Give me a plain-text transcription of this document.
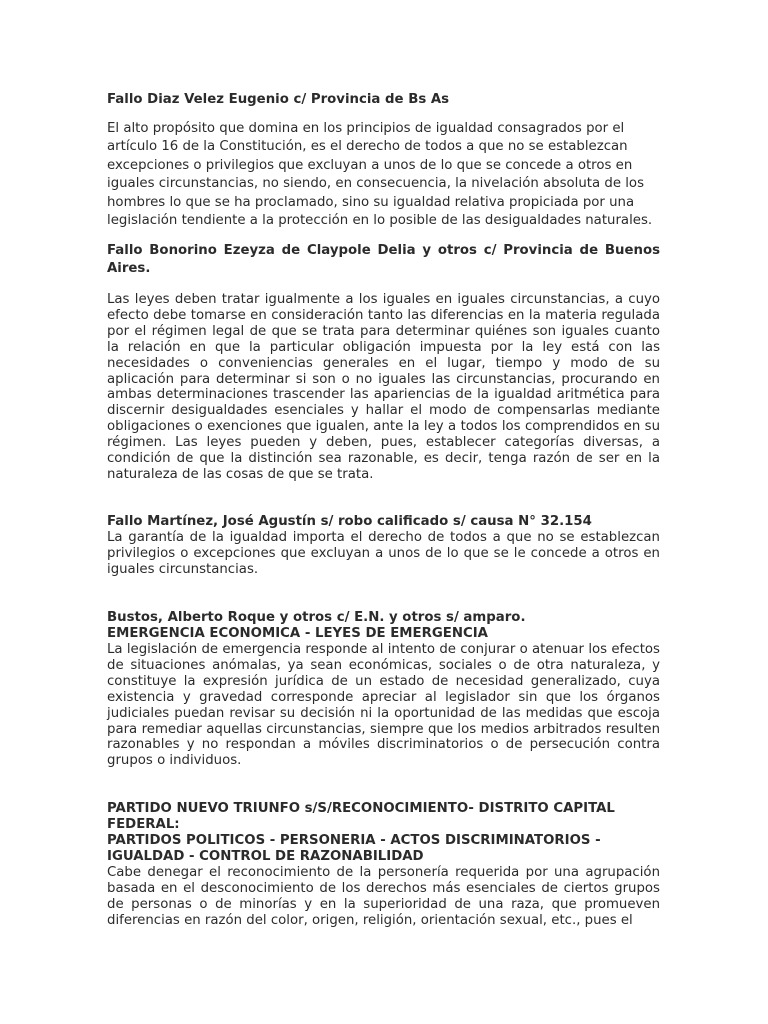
Fallo Diaz Velez Eugenio c/ Provincia de Bs As

El alto propósito que domina en los principios de igualdad consagrados por el artículo 16 de la Constitución, es el derecho de todos a que no se establezcan excepciones o privilegios que excluyan a unos de lo que se concede a otros en iguales circunstancias, no siendo, en consecuencia, la nivelación absoluta de los hombres lo que se ha proclamado, sino su igualdad relativa propiciada por una legislación tendiente a la protección en lo posible de las desigualdades naturales.

Fallo Bonorino Ezeyza de Claypole Delia y otros c/ Provincia de Buenos Aires.

Las leyes deben tratar igualmente a los iguales en iguales circunstancias, a cuyo efecto debe tomarse en consideración tanto las diferencias en la materia regulada por el régimen legal de que se trata para determinar quiénes son iguales cuanto la relación en que la particular obligación impuesta por la ley está con las necesidades o conveniencias generales en el lugar, tiempo y modo de su aplicación para determinar si son o no iguales las circunstancias, procurando en ambas determinaciones trascender las apariencias de la igualdad aritmética para discernir desigualdades esenciales y hallar el modo de compensarlas mediante obligaciones o exenciones que igualen, ante la ley a todos los comprendidos en su régimen. Las leyes pueden y deben, pues, establecer categorías diversas, a condición de que la distinción sea razonable, es decir, tenga razón de ser en la naturaleza de las cosas de que se trata.

Fallo Martínez, José Agustín s/ robo calificado s/ causa N° 32.154

La garantía de la igualdad importa el derecho de todos a que no se establezcan privilegios o excepciones que excluyan a unos de lo que se le concede a otros en iguales circunstancias.

Bustos, Alberto Roque y otros c/ E.N. y otros s/ amparo.

EMERGENCIA ECONOMICA - LEYES DE EMERGENCIA

La legislación de emergencia responde al intento de conjurar o atenuar los efectos de situaciones anómalas, ya sean económicas, sociales o de otra naturaleza, y constituye la expresión jurídica de un estado de necesidad generalizado, cuya existencia y gravedad corresponde apreciar al legislador sin que los órganos judiciales puedan revisar su decisión ni la oportunidad de las medidas que escoja para remediar aquellas circunstancias, siempre que los medios arbitrados resulten razonables y no respondan a móviles discriminatorios o de persecución contra grupos o individuos.

PARTIDO NUEVO TRIUNFO s/S/RECONOCIMIENTO- DISTRITO CAPITAL FEDERAL:

PARTIDOS POLITICOS - PERSONERIA - ACTOS DISCRIMINATORIOS - IGUALDAD - CONTROL DE RAZONABILIDAD

Cabe denegar el reconocimiento de la personería requerida por una agrupación basada en el desconocimiento de los derechos más esenciales de ciertos grupos de personas o de minorías y en la superioridad de una raza, que promueven diferencias en razón del color, origen, religión, orientación sexual, etc., pues el
